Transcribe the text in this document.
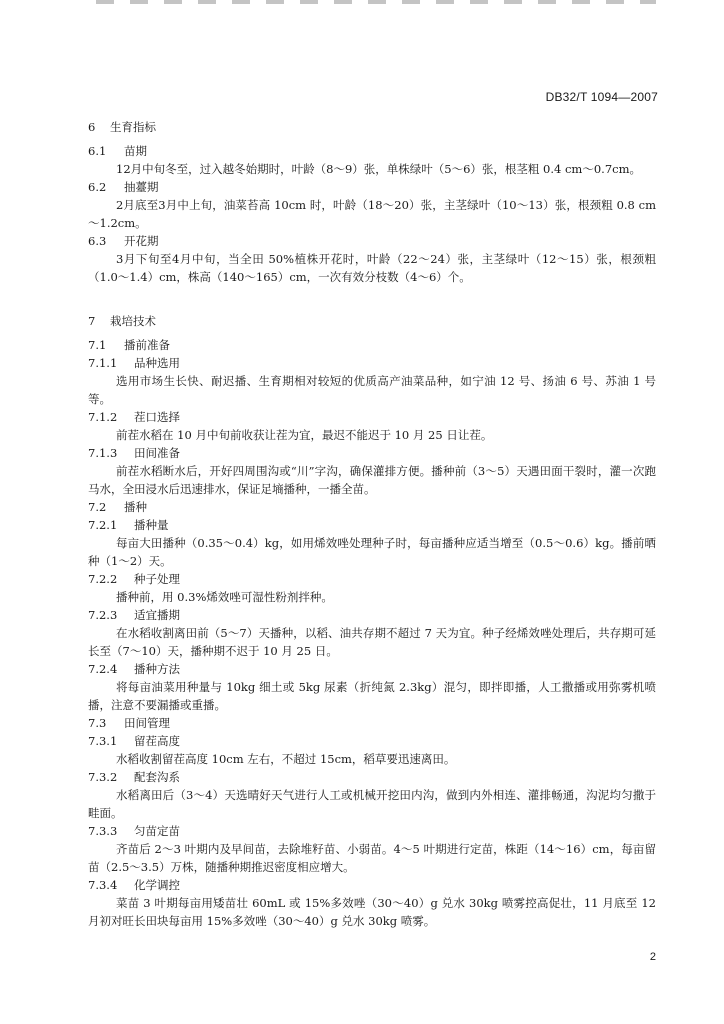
DB32/T 1094—2007
6 生育指标
6.1 苗期

12月中旬冬至，过入越冬始期时，叶龄（8～9）张，单株绿叶（5～6）张，根茎粗 0.4 cm～0.7cm。

6.2 抽薹期

2月底至3月中上旬，油菜苔高 10cm 时，叶龄（18～20）张，主茎绿叶（10～13）张，根颈粗 0.8 cm～1.2cm。

6.3 开花期

3月下旬至4月中旬，当全田 50%植株开花时，叶龄（22～24）张，主茎绿叶（12～15）张，根颈粗（1.0～1.4）cm，株高（140～165）cm，一次有效分枝数（4～6）个。

7 栽培技术
7.1 播前准备
7.1.1 品种选用

选用市场生长快、耐迟播、生育期相对较短的优质高产油菜品种，如宁油 12 号、扬油 6 号、苏油 1 号等。

7.1.2 茬口选择

前茬水稻在 10 月中旬前收获让茬为宜，最迟不能迟于 10 月 25 日让茬。

7.1.3 田间准备

前茬水稻断水后，开好四周围沟或“川”字沟，确保灌排方便。播种前（3～5）天遇田面干裂时，灌一次跑马水，全田浸水后迅速排水，保证足墒播种，一播全苗。

7.2 播种
7.2.1 播种量

每亩大田播种（0.35～0.4）kg，如用烯效唑处理种子时，每亩播种应适当增至（0.5～0.6）kg。播前晒种（1～2）天。

7.2.2 种子处理

播种前，用 0.3%烯效唑可湿性粉剂拌种。

7.2.3 适宜播期

在水稻收割离田前（5～7）天播种，以稻、油共存期不超过 7 天为宜。种子经烯效唑处理后，共存期可延长至（7～10）天，播种期不迟于 10 月 25 日。

7.2.4 播种方法

将每亩油菜用种量与 10kg 细土或 5kg 尿素（折纯氮 2.3kg）混匀，即拌即播，人工撒播或用弥雾机喷播，注意不要漏播或重播。

7.3 田间管理
7.3.1 留茬高度

水稻收割留茬高度 10cm 左右，不超过 15cm，稻草要迅速离田。

7.3.2 配套沟系

水稻离田后（3～4）天选晴好天气进行人工或机械开挖田内沟，做到内外相连、灌排畅通，沟泥均匀撒于畦面。

7.3.3 匀苗定苗

齐苗后 2～3 叶期内及早间苗，去除堆籽苗、小弱苗。4～5 叶期进行定苗，株距（14～16）cm，每亩留苗（2.5～3.5）万株，随播种期推迟密度相应增大。

7.3.4 化学调控

菜苗 3 叶期每亩用矮苗壮 60mL 或 15%多效唑（30～40）g 兑水 30kg 喷雾控高促壮，11 月底至 12 月初对旺长田块每亩用 15%多效唑（30～40）g 兑水 30kg 喷雾。

2
